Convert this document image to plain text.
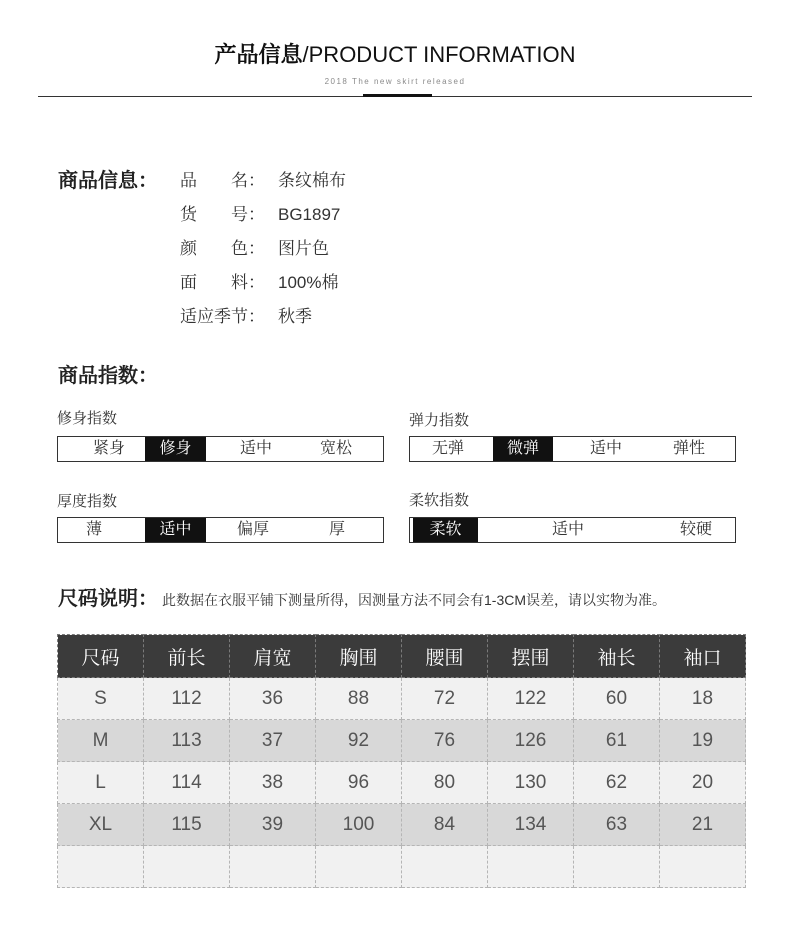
产品信息/PRODUCT INFORMATION
2018 The new skirt released
商品信息： 品　　名： 条纹棉布
货　　号： BG1897
颜　　色： 图片色
面　　料： 100%棉
适应季节： 秋季
商品指数：
修身指数
紧身	修身	适中	宽松
弹力指数
无弹	微弹	适中	弹性
厚度指数
薄	适中	偏厚	厚
柔软指数
柔软	适中	较硬
尺码说明： 此数据在衣服平铺下测量所得，因测量方法不同会有1-3CM误差，请以实物为准。
尺码	前长	肩宽	胸围	腰围	摆围	袖长	袖口
S	112	36	88	72	122	60	18
M	113	37	92	76	126	61	19
L	114	38	96	80	130	62	20
XL	115	39	100	84	134	63	21
